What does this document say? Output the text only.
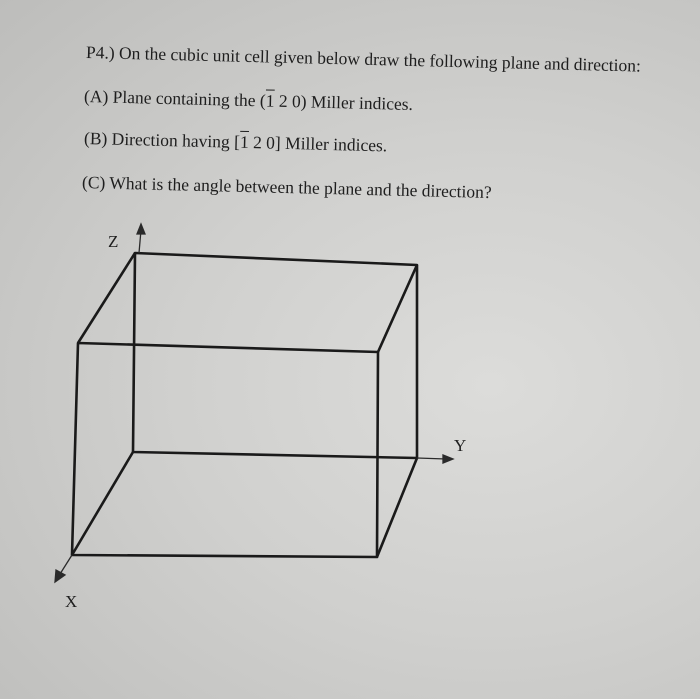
P4.) On the cubic unit cell given below draw the following plane and direction:
(A) Plane containing the (1 2 0) Miller indices.
(B) Direction having [1 2 0] Miller indices.
(C) What is the angle between the plane and the direction?
Z
Y
X
